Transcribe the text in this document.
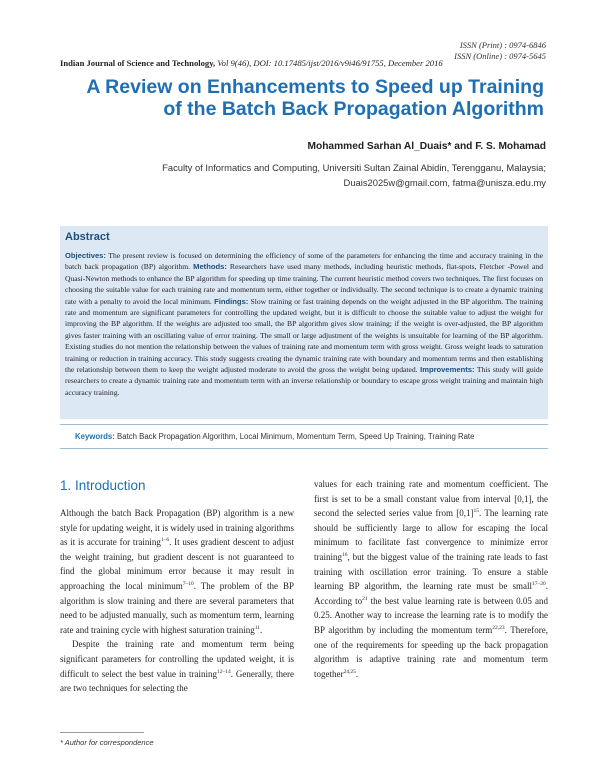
ISSN (Print) : 0974-6846
ISSN (Online) : 0974-5645
Indian Journal of Science and Technology, Vol 9(46), DOI: 10.17485/ijst/2016/v9i46/91755, December 2016
A Review on Enhancements to Speed up Training
of the Batch Back Propagation Algorithm
Mohammed Sarhan Al_Duais* and F. S. Mohamad
Faculty of Informatics and Computing, Universiti Sultan Zainal Abidin, Terengganu, Malaysia;
Duais2025w@gmail.com, fatma@unisza.edu.my
Abstract
Objectives: The present review is focused on determining the efficiency of some of the parameters for enhancing the time and accuracy training in the batch back propagation (BP) algorithm. Methods: Researchers have used many methods, including heuristic methods, flat-spots, Fletcher -Powel and Quasi-Newton methods to enhance the BP algorithm for speeding up time training. The current heuristic method covers two techniques. The first focuses on choosing the suitable value for each training rate and momentum term, either together or individually. The second technique is to create a dynamic training rate with a penalty to avoid the local minimum. Findings: Slow training or fast training depends on the weight adjusted in the BP algorithm. The training rate and momentum are significant parameters for controlling the updated weight, but it is difficult to choose the suitable value to adjust the weight for improving the BP algorithm. If the weights are adjusted too small, the BP algorithm gives slow training; if the weight is over-adjusted, the BP algorithm gives faster training with an oscillating value of error training. The small or large adjustment of the weights is unsuitable for learning of the BP algorithm. Existing studies do not mention the relationship between the values of training rate and momentum term with gross weight. Gross weight leads to saturation training or reduction in training accuracy. This study suggests creating the dynamic training rate with boundary and momentum terms and then establishing the relationship between them to keep the weight adjusted moderate to avoid the gross the weight being updated. Improvements: This study will guide researchers to create a dynamic training rate and momentum term with an inverse relationship or boundary to escape gross weight training and maintain high accuracy training.
Keywords: Batch Back Propagation Algorithm, Local Minimum, Momentum Term, Speed Up Training, Training Rate
1. Introduction

Although the batch Back Propagation (BP) algorithm is a new style for updating weight, it is widely used in training algorithms as it is accurate for training$^{1-6}$. It uses gradient descent to adjust the weight training, but gradient descent is not guaranteed to find the global minimum error because it may result in approaching the local minimum$^{7-10}$. The problem of the BP algorithm is slow training and there are several parameters that need to be adjusted manually, such as momentum term, learning rate and training cycle with highest saturation training$^{11}$.

Despite the training rate and momentum term being significant parameters for controlling the updated weight, it is difficult to select the best value in training$^{12-14}$. Generally, there are two techniques for selecting the

values for each training rate and momentum coefficient. The first is set to be a small constant value from interval [0,1], the second the selected series value from $[0,1]^{15}$. The learning rate should be sufficiently large to allow for escaping the local minimum to facilitate fast convergence to minimize error training$^{16}$, but the biggest value of the training rate leads to fast training with oscillation error training. To ensure a stable learning BP algorithm, the learning rate must be small$^{17-20}$. According $to^{21}$ the best value learning rate is between 0.05 and 0.25. Another way to increase the learning rate is to modify the BP algorithm by including the momentum term$^{22,23}$. Therefore, one of the requirements for speeding up the back propagation algorithm is adaptive training rate and momentum term together$^{24,25}$.

* Author for correspondence
